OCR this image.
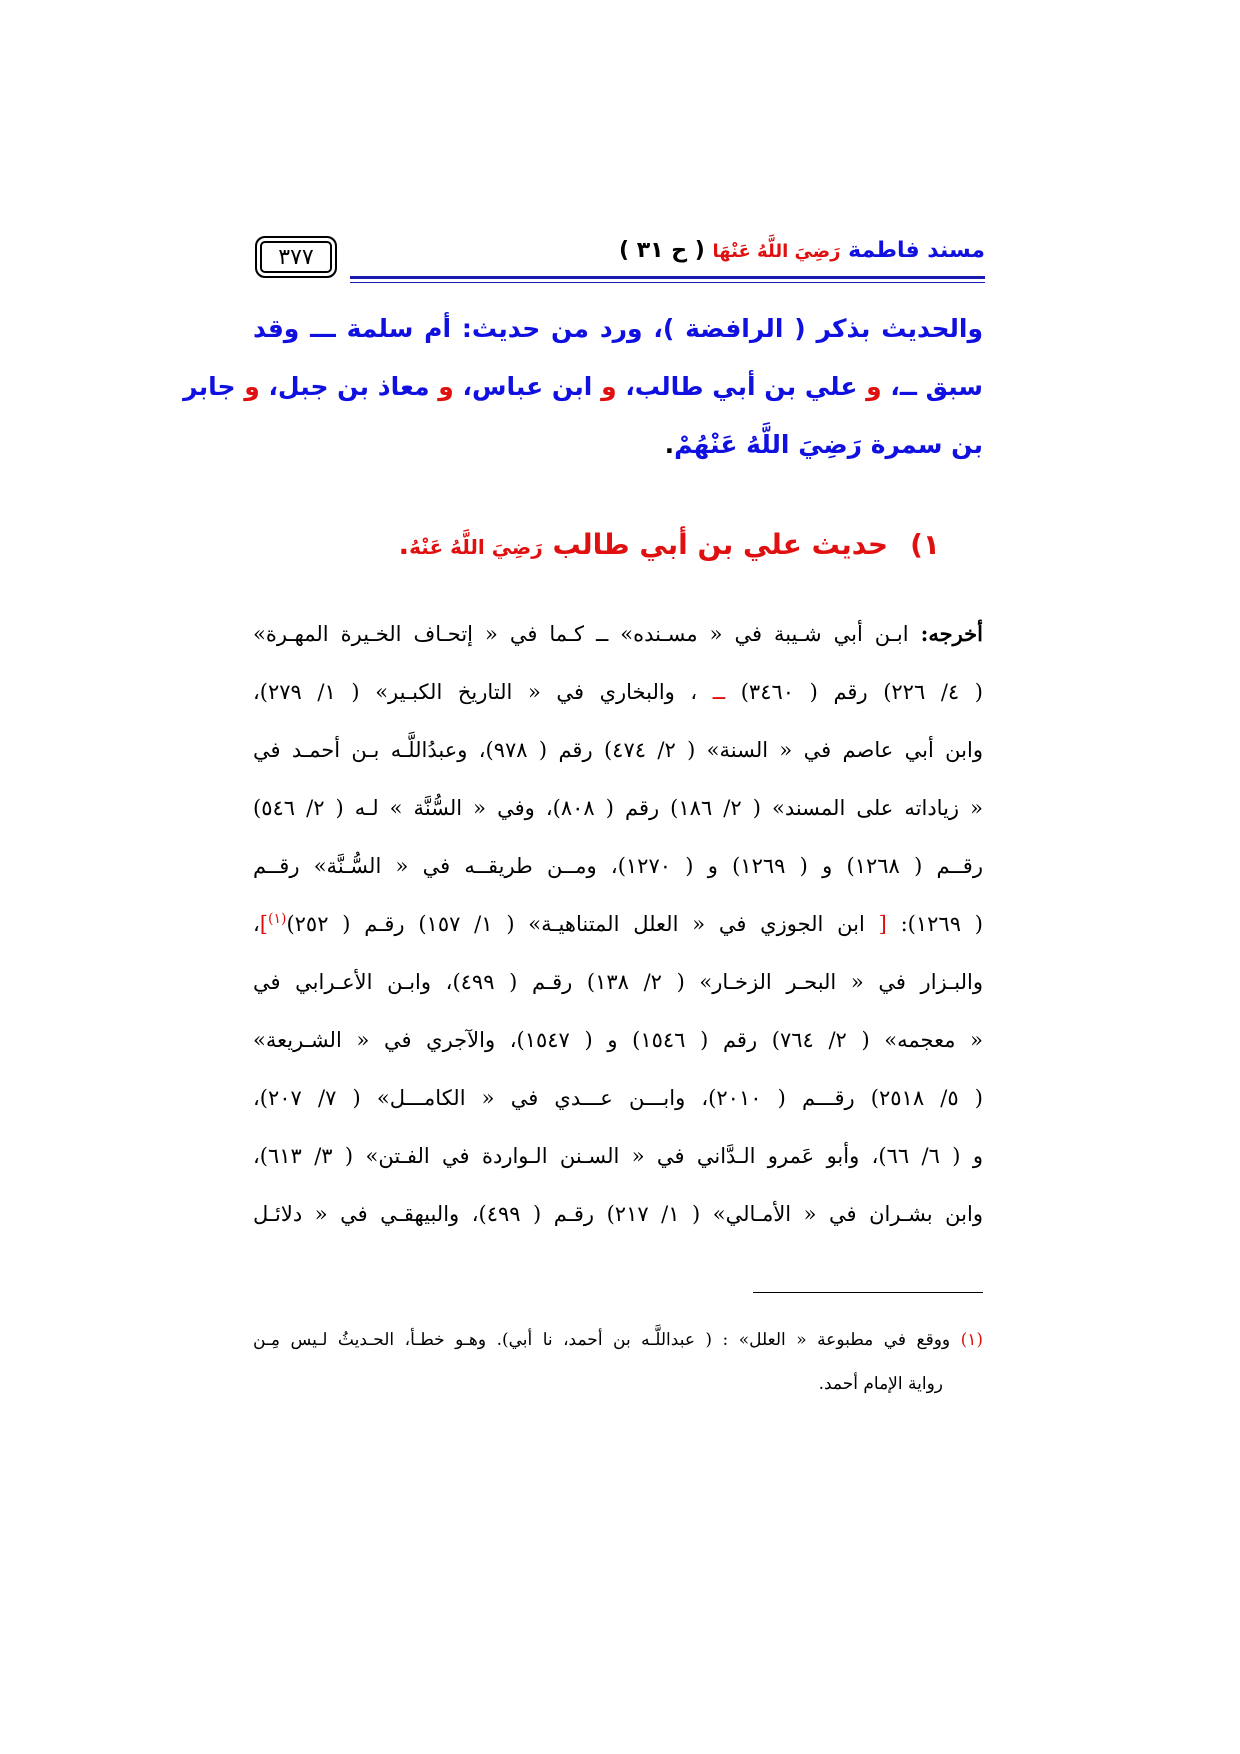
٣٧٧	مسند فاطمة رَضِيَ اللَّهُ عَنْهَا ( ح ٣١ )
والحديث بذكر ( الرافضة )، ورد من حديث: أم سلمة ـــ وقد
سبق ــ، و علي بن أبي طالب، و ابن عباس، و معاذ بن جبل، و جابر
بن سمرة رَضِيَ اللَّهُ عَنْهُمْ.
١)حديث علي بن أبي طالب رَضِيَ اللَّهُ عَنْهُ.
أخرجه: ابـن أبي شـيبة في « مسـنده» ــ كـما في « إتحـاف الخـيرة المهـرة»
( ٤/ ٢٢٦) رقم ( ٣٤٦٠) ــ ، والبخاري في « التاريخ الكبـير» ( ١/ ٢٧٩)،
وابن أبي عاصم في « السنة» ( ٢/ ٤٧٤) رقم ( ٩٧٨)، وعبدُاللَّـه بـن أحمـد في
« زياداته على المسند» ( ٢/ ١٨٦) رقم ( ٨٠٨)، وفي « السُّنَّة » لـه ( ٢/ ٥٤٦)
رقــم ( ١٢٦٨) و ( ١٢٦٩) و ( ١٢٧٠)، ومــن طريقــه في « السُّـنَّة» رقــم
( ١٢٦٩): [ ابن الجوزي في « العلل المتناهيـة» ( ١/ ١٥٧) رقـم ( ٢٥٢)$^{(١)}$]،
والبـزار في « البحـر الزخـار» ( ٢/ ١٣٨) رقـم ( ٤٩٩)، وابـن الأعـرابي في
« معجمه» ( ٢/ ٧٦٤) رقم ( ١٥٤٦) و ( ١٥٤٧)، والآجري في « الشـريعة»
( ٥/ ٢٥١٨) رقـــم ( ٢٠١٠)، وابـــن عـــدي في « الكامـــل» ( ٧/ ٢٠٧)،
و ( ٦/ ٦٦)، وأبو عَمرو الـدَّاني في « السـنن الـواردة في الفـتن» ( ٣/ ٦١٣)،
وابن بشـران في « الأمـالي» ( ١/ ٢١٧) رقـم ( ٤٩٩)، والبيهقـي في « دلائـل
(١) ووقع في مطبوعة « العلل» : ( عبداللَّـه بن أحمد، نا أبي). وهـو خطـأ، الحـديثُ لـيس مِـن
رواية الإمام أحمد.
